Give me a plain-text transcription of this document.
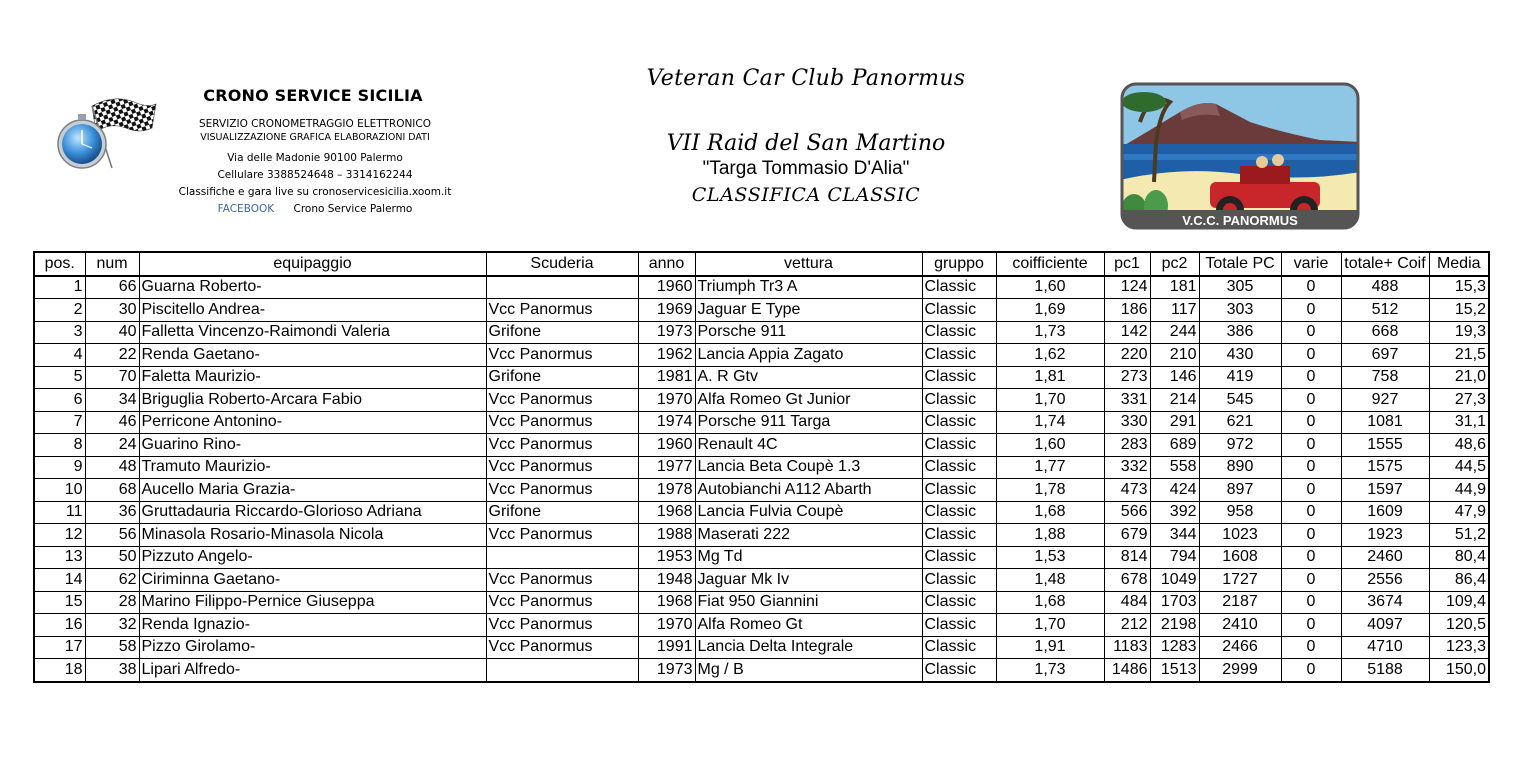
CRONO SERVICE SICILIA
SERVIZIO CRONOMETRAGGIO ELETTRONICO
VISUALIZZAZIONE GRAFICA ELABORAZIONI DATI
Via delle Madonie 90100 Palermo
Cellulare 3388524648 – 3314162244
Classifiche e gara live su cronoservicesicilia.xoom.it
FACEBOOK Crono Service Palermo
Veteran Car Club Panormus
VII Raid del San Martino
"Targa Tommasio D'Alia"
CLASSIFICA CLASSIC
V.C.C. PANORMUS
pos.	num	equipaggio	Scuderia	anno	vettura	gruppo	coifficiente	pc1	pc2	Totale PC	varie	totale+ Coif	Media
1	66	Guarna Roberto-		1960	Triumph Tr3 A	Classic	1,60	124	181	305	0	488	15,3
2	30	Piscitello Andrea-	Vcc Panormus	1969	Jaguar E Type	Classic	1,69	186	117	303	0	512	15,2
3	40	Falletta Vincenzo-Raimondi Valeria	Grifone	1973	Porsche 911	Classic	1,73	142	244	386	0	668	19,3
4	22	Renda Gaetano-	Vcc Panormus	1962	Lancia Appia Zagato	Classic	1,62	220	210	430	0	697	21,5
5	70	Faletta Maurizio-	Grifone	1981	A. R Gtv	Classic	1,81	273	146	419	0	758	21,0
6	34	Briguglia Roberto-Arcara Fabio	Vcc Panormus	1970	Alfa Romeo Gt Junior	Classic	1,70	331	214	545	0	927	27,3
7	46	Perricone Antonino-	Vcc Panormus	1974	Porsche 911 Targa	Classic	1,74	330	291	621	0	1081	31,1
8	24	Guarino Rino-	Vcc Panormus	1960	Renault 4C	Classic	1,60	283	689	972	0	1555	48,6
9	48	Tramuto Maurizio-	Vcc Panormus	1977	Lancia Beta Coupè 1.3	Classic	1,77	332	558	890	0	1575	44,5
10	68	Aucello Maria Grazia-	Vcc Panormus	1978	Autobianchi A112 Abarth	Classic	1,78	473	424	897	0	1597	44,9
11	36	Gruttadauria Riccardo-Glorioso Adriana	Grifone	1968	Lancia Fulvia Coupè	Classic	1,68	566	392	958	0	1609	47,9
12	56	Minasola Rosario-Minasola Nicola	Vcc Panormus	1988	Maserati 222	Classic	1,88	679	344	1023	0	1923	51,2
13	50	Pizzuto Angelo-		1953	Mg Td	Classic	1,53	814	794	1608	0	2460	80,4
14	62	Ciriminna Gaetano-	Vcc Panormus	1948	Jaguar Mk Iv	Classic	1,48	678	1049	1727	0	2556	86,4
15	28	Marino Filippo-Pernice Giuseppa	Vcc Panormus	1968	Fiat 950 Giannini	Classic	1,68	484	1703	2187	0	3674	109,4
16	32	Renda Ignazio-	Vcc Panormus	1970	Alfa Romeo Gt	Classic	1,70	212	2198	2410	0	4097	120,5
17	58	Pizzo Girolamo-	Vcc Panormus	1991	Lancia Delta Integrale	Classic	1,91	1183	1283	2466	0	4710	123,3
18	38	Lipari Alfredo-		1973	Mg / B	Classic	1,73	1486	1513	2999	0	5188	150,0
